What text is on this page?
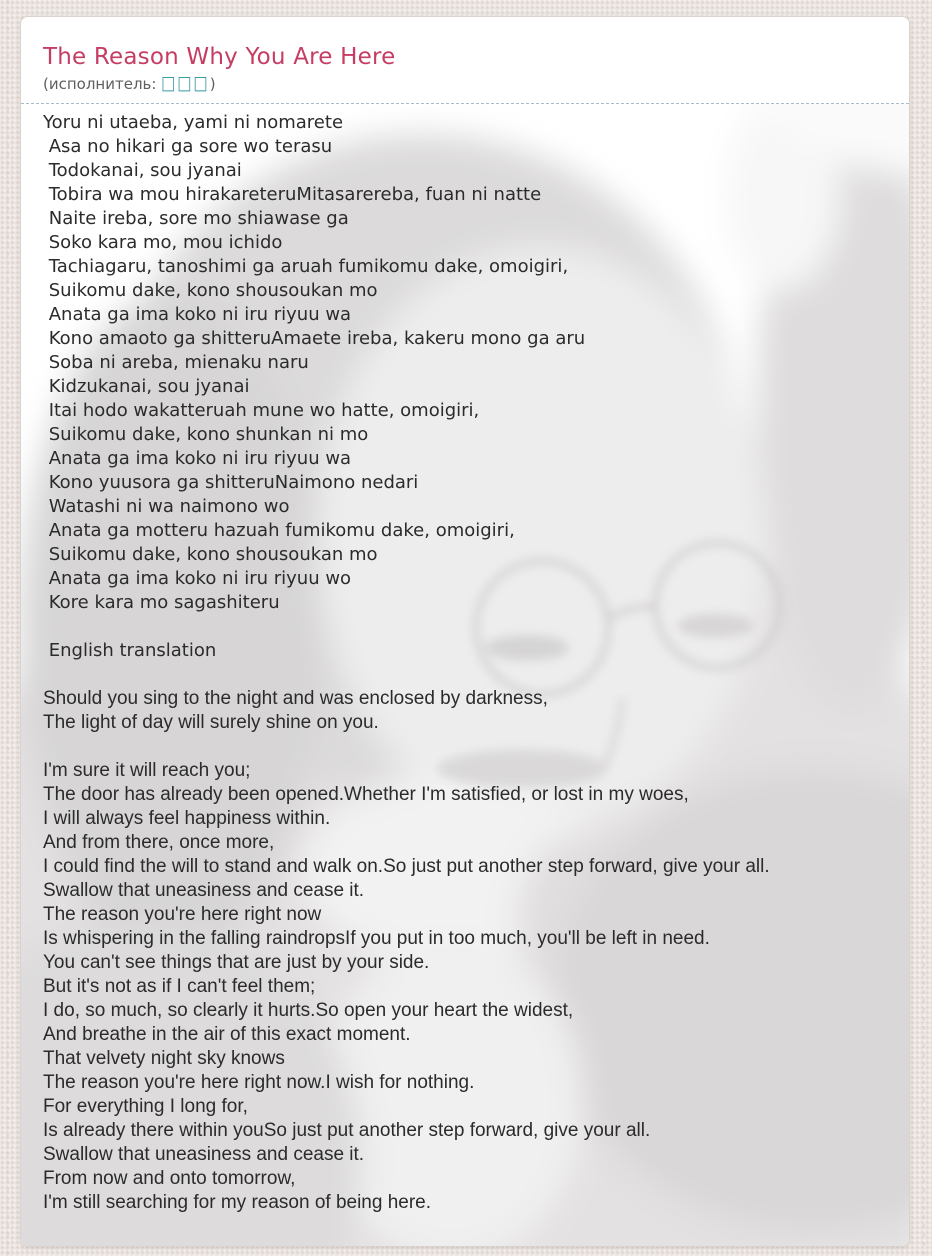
The Reason Why You Are Here
(исполнитель: □□□)
Yoru ni utaeba, yami ni nomarete
Asa no hikari ga sore wo terasu
Todokanai, sou jyanai
Tobira wa mou hirakareteruMitasarereba, fuan ni natte
Naite ireba, sore mo shiawase ga
Soko kara mo, mou ichido
Tachiagaru, tanoshimi ga aruah fumikomu dake, omoigiri,
Suikomu dake, kono shousoukan mo
Anata ga ima koko ni iru riyuu wa
Kono amaoto ga shitteruAmaete ireba, kakeru mono ga aru
Soba ni areba, mienaku naru
Kidzukanai, sou jyanai
Itai hodo wakatteruah mune wo hatte, omoigiri,
Suikomu dake, kono shunkan ni mo
Anata ga ima koko ni iru riyuu wa
Kono yuusora ga shitteruNaimono nedari
Watashi ni wa naimono wo
Anata ga motteru hazuah fumikomu dake, omoigiri,
Suikomu dake, kono shousoukan mo
Anata ga ima koko ni iru riyuu wo
Kore kara mo sagashiteru
English translation
Should you sing to the night and was enclosed by darkness,
The light of day will surely shine on you.
I'm sure it will reach you;
The door has already been opened.Whether I'm satisfied, or lost in my woes,
I will always feel happiness within.
And from there, once more,
I could find the will to stand and walk on.So just put another step forward, give your all.
Swallow that uneasiness and cease it.
The reason you're here right now
Is whispering in the falling raindropsIf you put in too much, you'll be left in need.
You can't see things that are just by your side.
But it's not as if I can't feel them;
I do, so much, so clearly it hurts.So open your heart the widest,
And breathe in the air of this exact moment.
That velvety night sky knows
The reason you're here right now.I wish for nothing.
For everything I long for,
Is already there within youSo just put another step forward, give your all.
Swallow that uneasiness and cease it.
From now and onto tomorrow,
I'm still searching for my reason of being here.
